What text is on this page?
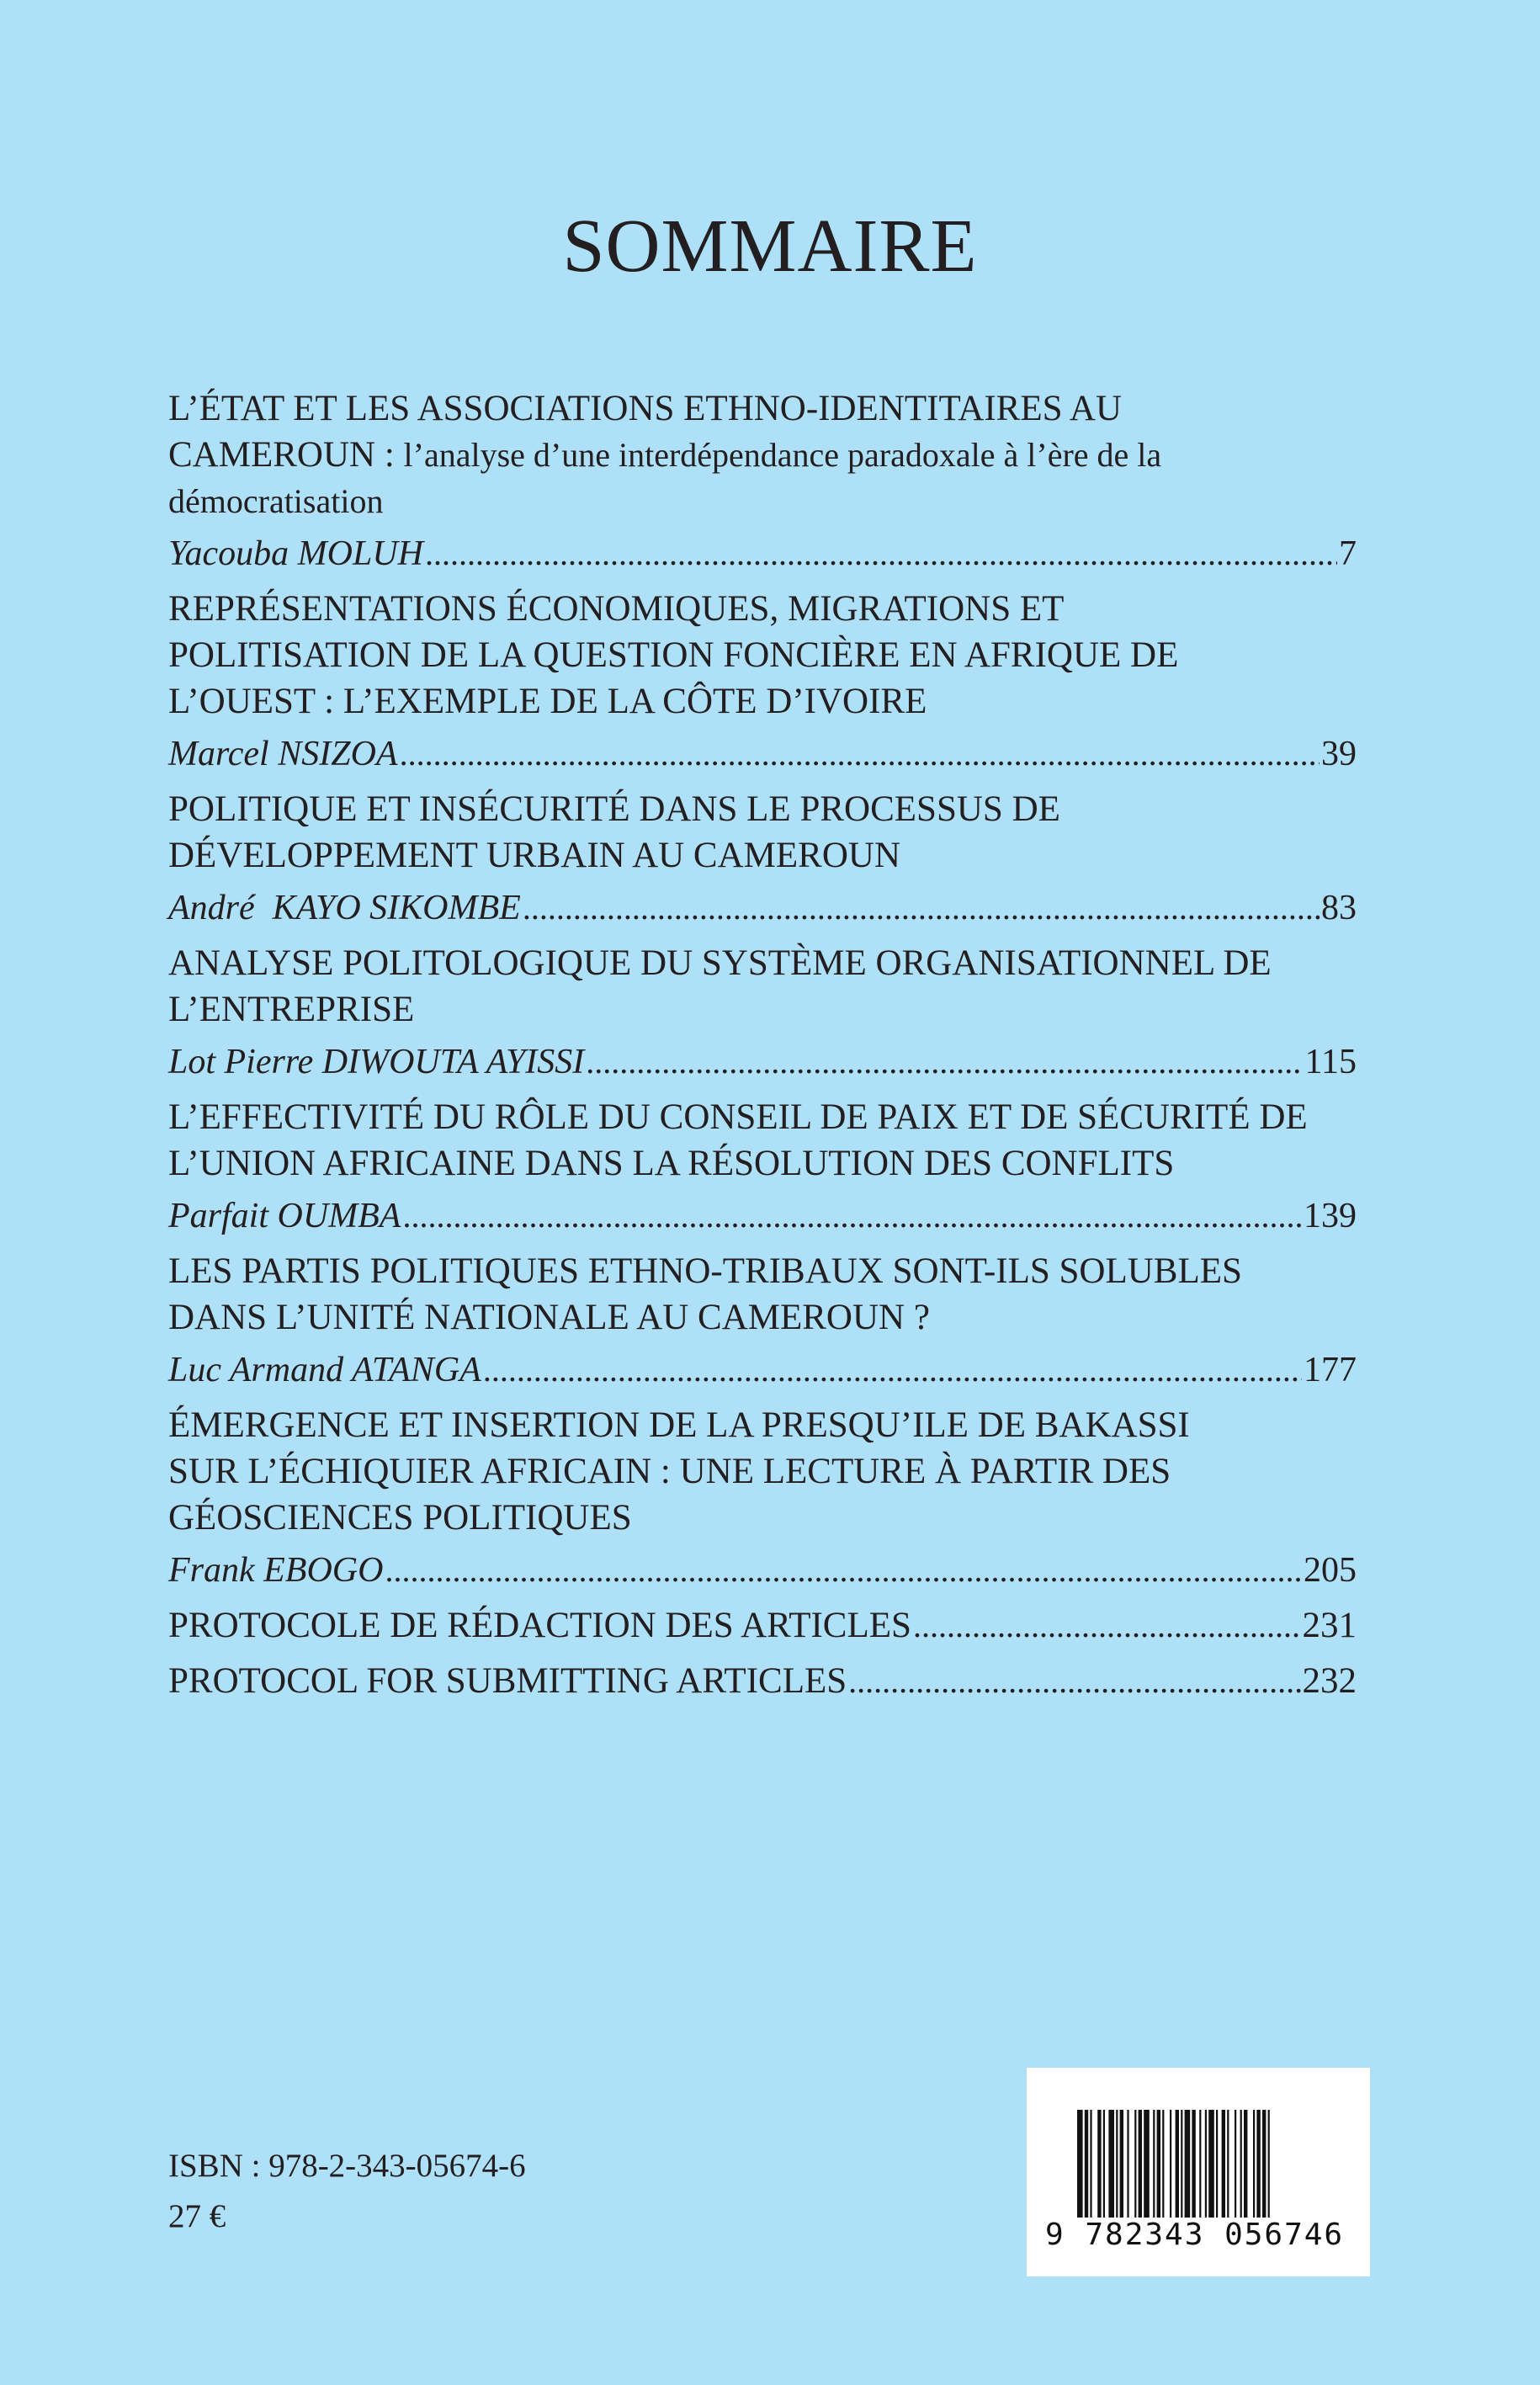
SOMMAIRE

L’ÉTAT ET LES ASSOCIATIONS ETHNO-IDENTITAIRES AU CAMEROUN : l’analyse d’une interdépendance paradoxale à l’ère de la démocratisation

Yacouba MOLUH .....	7

REPRÉSENTATIONS ÉCONOMIQUES, MIGRATIONS ET POLITISATION DE LA QUESTION FONCIÈRE EN AFRIQUE DE L’OUEST : L’EXEMPLE DE LA CÔTE D’IVOIRE

Marcel NSIZOA .....	39

POLITIQUE ET INSÉCURITÉ DANS LE PROCESSUS DE DÉVELOPPEMENT URBAIN AU CAMEROUN

André  KAYO SIKOMBE .....	83

ANALYSE POLITOLOGIQUE DU SYSTÈME ORGANISATIONNEL DE L’ENTREPRISE

Lot Pierre DIWOUTA AYISSI .....	115

L’EFFECTIVITÉ DU RÔLE DU CONSEIL DE PAIX ET DE SÉCURITÉ DE L’UNION AFRICAINE DANS LA RÉSOLUTION DES CONFLITS

Parfait OUMBA .....	139

LES PARTIS POLITIQUES ETHNO-TRIBAUX SONT-ILS SOLUBLES DANS L’UNITÉ NATIONALE AU CAMEROUN ?

Luc Armand ATANGA .....	177

ÉMERGENCE ET INSERTION DE LA PRESQU’ILE DE BAKASSI SUR L’ÉCHIQUIER AFRICAIN : UNE LECTURE À PARTIR DES GÉOSCIENCES POLITIQUES

Frank EBOGO .....	205
PROTOCOLE DE RÉDACTION DES ARTICLES .....	231
PROTOCOL FOR SUBMITTING ARTICLES .....	232
ISBN : 978-2-343-05674-6
27 €
9 782343 056746
